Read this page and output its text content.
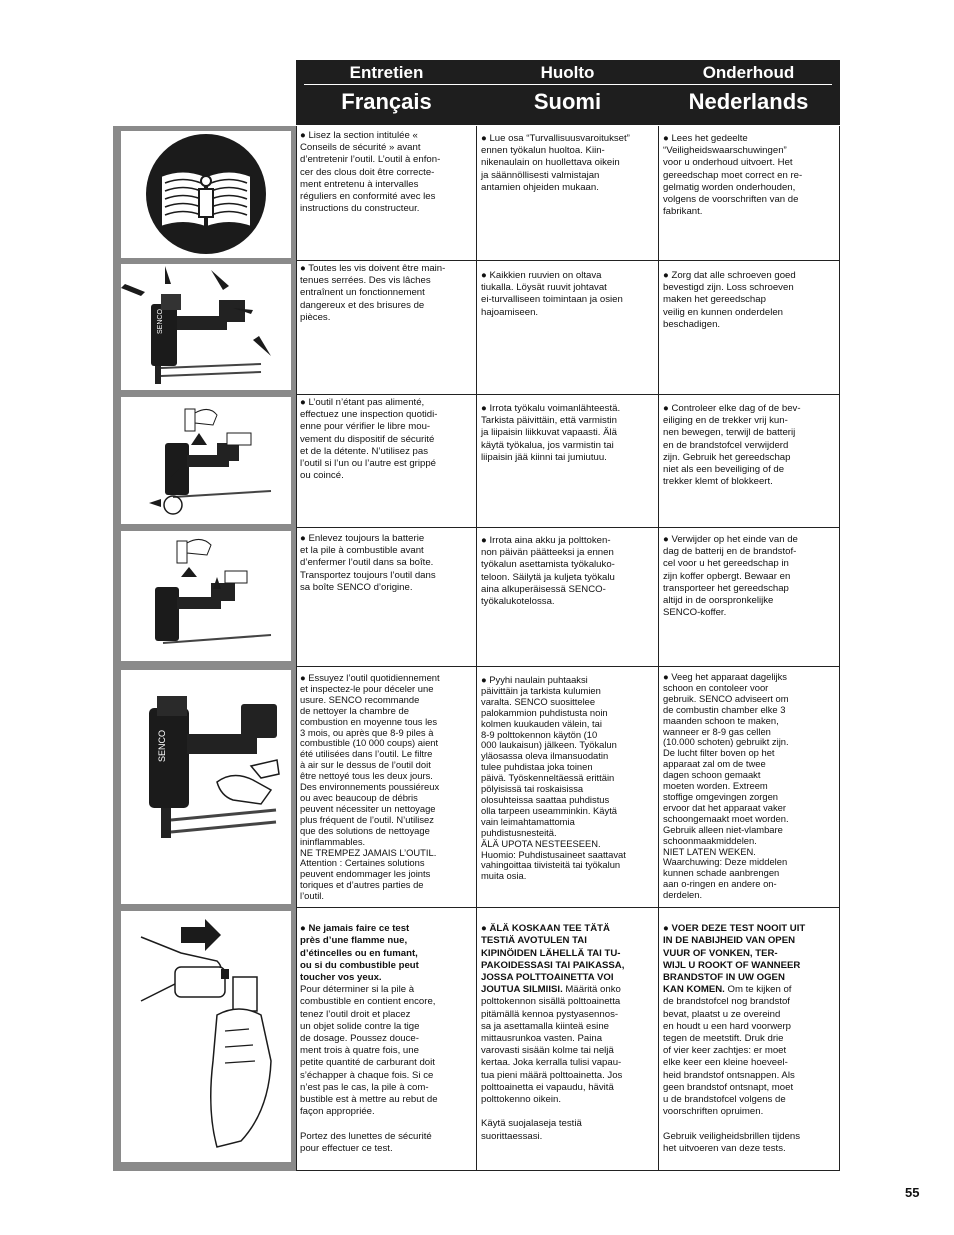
Entretien
Français
Huolto
Suomi
Onderhoud
Nederlands
SENCO
SENCO
● Lisez la section intitulée «
Conseils de sécurité » avant
d’entretenir l’outil. L’outil à enfon-
cer des clous doit être correcte-
ment entretenu à intervalles
réguliers en conformité avec les
instructions du constructeur.
● Lue osa “Turvallisuusvaroitukset”
ennen työkalun huoltoa. Kiin-
nikenaulain on huollettava oikein
ja säännöllisesti valmistajan
antamien ohjeiden mukaan.
● Lees het gedeelte
“Veiligheidswaarschuwingen”
voor u onderhoud uitvoert. Het
gereedschap moet correct en re-
gelmatig worden onderhouden,
volgens de voorschriften van de
fabrikant.
● Toutes les vis doivent être main-
tenues serrées. Des vis lâches
entraînent un fonctionnement
dangereux et des brisures de
pièces.
● Kaikkien ruuvien on oltava
tiukalla. Löysät ruuvit johtavat
ei-turvalliseen toimintaan ja osien
hajoamiseen.
● Zorg dat alle schroeven goed
bevestigd zijn. Loss schroeven
maken het gereedschap
veilig en kunnen onderdelen
beschadigen.
● L’outil n’étant pas alimenté,
effectuez une inspection quotidi-
enne pour vérifier le libre mou-
vement du dispositif de sécurité
et de la détente. N’utilisez pas
l’outil si l’un ou l’autre est grippé
ou coincé.
● Irrota työkalu voimanlähteestä.
Tarkista päivittäin, että varmistin
ja liipaisin liikkuvat vapaasti. Älä
käytä työkalua, jos varmistin tai
liipaisin jää kiinni tai jumiutuu.
● Controleer elke dag of de bev-
eiliging en de trekker vrij kun-
nen bewegen, terwijl de batterij
en de brandstofcel verwijderd
zijn. Gebruik het gereedschap
niet als een beveiliging of de
trekker klemt of blokkeert.
● Enlevez toujours la batterie
et la pile à combustible avant
d’enfermer l’outil dans sa boîte.
Transportez toujours l’outil dans
sa boîte SENCO d’origine.
● Irrota aina akku ja polttoken-
non päivän päätteeksi ja ennen
työkalun asettamista työkaluko-
teloon. Säilytä ja kuljeta työkalu
aina alkuperäisessä SENCO-
työkalukotelossa.
● Verwijder op het einde van de
dag de batterij en de brandstof-
cel voor u het gereedschap in
zijn koffer opbergt. Bewaar en
transporteer het gereedschap
altijd in de oorspronkelijke
SENCO-koffer.
● Essuyez l’outil quotidiennement
et inspectez-le pour déceler une
usure. SENCO recommande
de nettoyer la chambre de
combustion en moyenne tous les
3 mois, ou après que 8-9 piles à
combustible (10 000 coups) aient
été utilisées dans l’outil. Le filtre
à air sur le dessus de l’outil doit
être nettoyé tous les deux jours.
Des environnements poussiéreux
ou avec beaucoup de débris
peuvent nécessiter un nettoyage
plus fréquent de l’outil. N’utilisez
que des solutions de nettoyage
ininflammables.
NE TREMPEZ JAMAIS L’OUTIL.
Attention : Certaines solutions
peuvent endommager les joints
toriques et d’autres parties de
l’outil.
● Pyyhi naulain puhtaaksi
päivittäin ja tarkista kulumien
varalta. SENCO suosittelee
palokammion puhdistusta noin
kolmen kuukauden välein, tai
8-9 polttokennon käytön (10
000 laukaisun) jälkeen. Työkalun
yläosassa oleva ilmansuodatin
tulee puhdistaa joka toinen
päivä. Työskenneltäessä erittäin
pölyisissä tai roskaisissa
olosuhteissa saattaa puhdistus
olla tarpeen useamminkin. Käytä
vain leimahtamattomia
puhdistusnesteitä.
ÄLÄ UPOTA NESTEESEEN.
Huomio: Puhdistusaineet saattavat
vahingoittaa tiivisteitä tai työkalun
muita osia.
● Veeg het apparaat dagelijks
schoon en contoleer voor
gebruik. SENCO adviseert om
de combustin chamber elke 3
maanden schoon te maken,
wanneer er 8-9 gas cellen
(10.000 schoten) gebruikt zijn.
De lucht filter boven op het
apparaat zal om de twee
dagen schoon gemaakt
moeten worden. Extreem
stoffige omgevingen zorgen
ervoor dat het apparaat vaker
schoongemaakt moet worden.
Gebruik alleen niet-vlambare
schoonmaakmiddelen.
NIET LATEN WEKEN.
Waarchuwing: Deze middelen
kunnen schade aanbrengen
aan o-ringen en andere on-
derdelen.

● Ne jamais faire ce test
près d’une flamme nue,
d’étincelles ou en fumant,
ou si du combustible peut
toucher vos yeux.
Pour déterminer si la pile à
combustible en contient encore,
tenez l’outil droit et placez
un objet solide contre la tige
de dosage. Poussez douce-
ment trois à quatre fois, une
petite quantité de carburant doit
s’échapper à chaque fois. Si ce
n’est pas le cas, la pile à com-
bustible est à mettre au rebut de
façon appropriée.

Portez des lunettes de sécurité
pour effectuer ce test.

● ÄLÄ KOSKAAN TEE TÄTÄ
TESTIÄ AVOTULEN TAI
KIPINÖIDEN LÄHELLÄ TAI TU-
PAKOIDESSASI TAI PAIKASSA,
JOSSA POLTTOAINETTA VOI
JOUTUA SILMIISI. Määritä onko
polttokennon sisällä polttoainetta
pitämällä kennoa pystyasennos-
sa ja asettamalla kiinteä esine
mittausrunkoa vasten. Paina
varovasti sisään kolme tai neljä
kertaa. Joka kerralla tulisi vapau-
tua pieni määrä polttoainetta. Jos
polttoainetta ei vapaudu, hävitä
polttokenno oikein.

Käytä suojalaseja testiä
suorittaessasi.

● VOER DEZE TEST NOOIT UIT
IN DE NABIJHEID VAN OPEN
VUUR OF VONKEN, TER-
WIJL U ROOKT OF WANNEER
BRANDSTOF IN UW OGEN
KAN KOMEN. Om te kijken of
de brandstofcel nog brandstof
bevat, plaatst u ze overeind
en houdt u een hard voorwerp
tegen de meetstift. Druk drie
of vier keer zachtjes: er moet
elke keer een kleine hoeveel-
heid brandstof ontsnappen. Als
geen brandstof ontsnapt, moet
u de brandstofcel volgens de
voorschriften opruimen.

Gebruik veiligheidsbrillen tijdens
het uitvoeren van deze tests.

55
